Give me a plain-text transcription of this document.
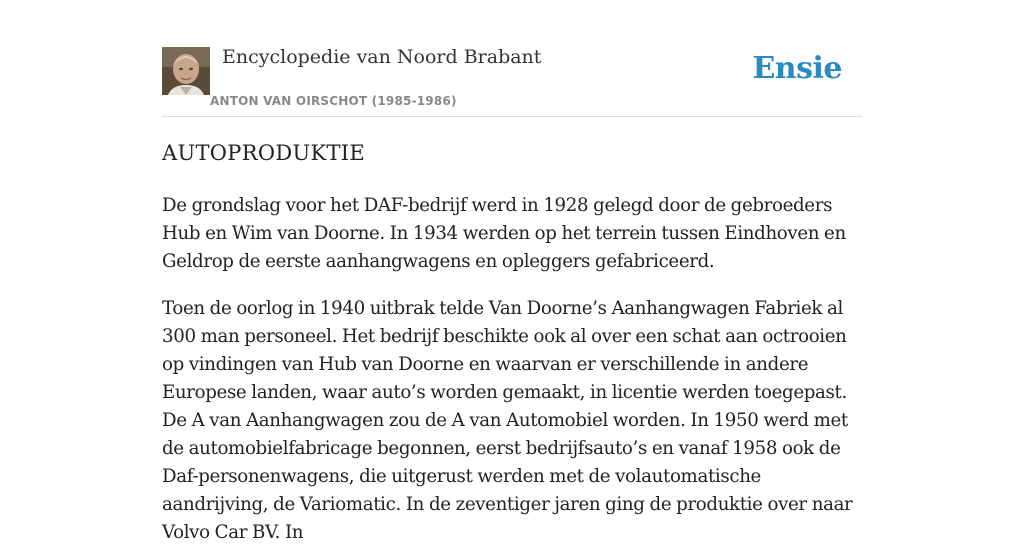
Encyclopedie van Noord Brabant
ANTON VAN OIRSCHOT (1985-1986)
Ensie
AUTOPRODUKTIE

De grondslag voor het DAF-bedrijf werd in 1928 gelegd door de gebroeders Hub en Wim van Doorne. In 1934 werden op het terrein tussen Eindhoven en Geldrop de eerste aanhangwagens en opleggers gefabriceerd.

Toen de oorlog in 1940 uitbrak telde Van Doorne’s Aanhangwagen Fabriek al 300 man personeel. Het bedrijf beschikte ook al over een schat aan octrooien op vindingen van Hub van Doorne en waarvan er verschillende in andere Europese landen, waar auto’s worden gemaakt, in licentie werden toegepast. De A van Aanhangwagen zou de A van Automobiel worden. In 1950 werd met de automobielfabricage begonnen, eerst bedrijfsauto’s en vanaf 1958 ook de Daf-personenwagens, die uitgerust werden met de volautomatische aandrijving, de Variomatic. In de zeventiger jaren ging de produktie over naar Volvo Car BV. In
